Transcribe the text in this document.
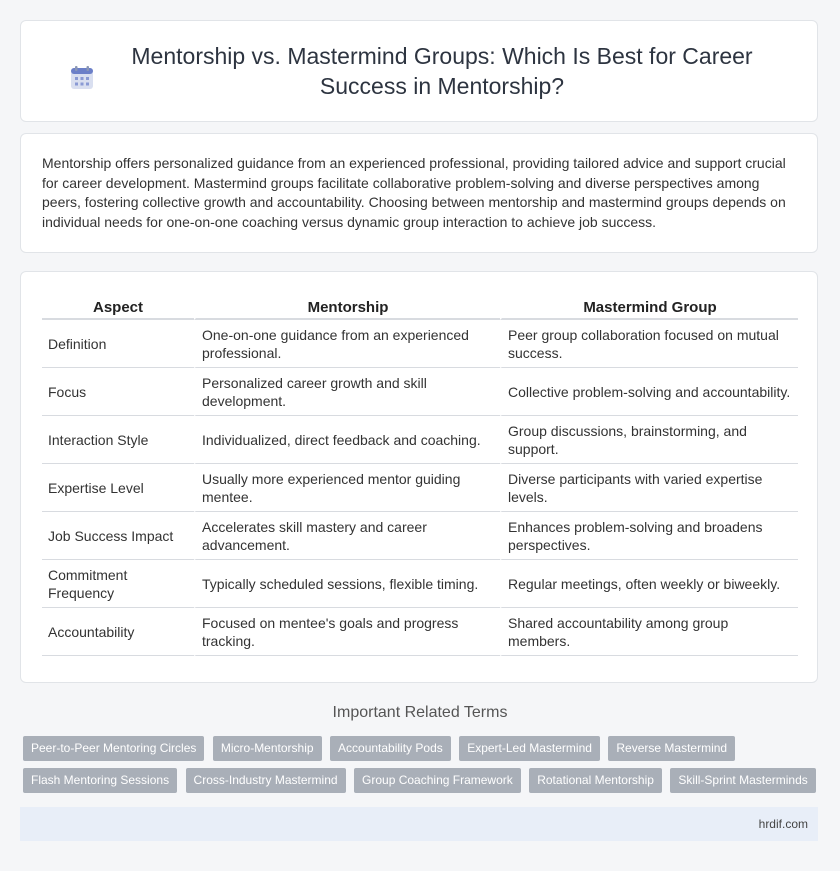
Mentorship vs. Mastermind Groups: Which Is Best for Career Success in Mentorship?

Mentorship offers personalized guidance from an experienced professional, providing tailored advice and support crucial for career development. Mastermind groups facilitate collaborative problem-solving and diverse perspectives among peers, fostering collective growth and accountability. Choosing between mentorship and mastermind groups depends on individual needs for one-on-one coaching versus dynamic group interaction to achieve job success.

Aspect	Mentorship	Mastermind Group
Definition	One-on-one guidance from an experienced professional.	Peer group collaboration focused on mutual success.
Focus	Personalized career growth and skill development.	Collective problem-solving and accountability.
Interaction Style	Individualized, direct feedback and coaching.	Group discussions, brainstorming, and support.
Expertise Level	Usually more experienced mentor guiding mentee.	Diverse participants with varied expertise levels.
Job Success Impact	Accelerates skill mastery and career advancement.	Enhances problem-solving and broadens perspectives.
Commitment Frequency	Typically scheduled sessions, flexible timing.	Regular meetings, often weekly or biweekly.
Accountability	Focused on mentee's goals and progress tracking.	Shared accountability among group members.
Important Related Terms
Peer-to-Peer Mentoring Circles Micro-Mentorship Accountability Pods Expert-Led Mastermind Reverse Mastermind
Flash Mentoring Sessions Cross-Industry Mastermind Group Coaching Framework Rotational Mentorship Skill-Sprint Masterminds
hrdif.com
